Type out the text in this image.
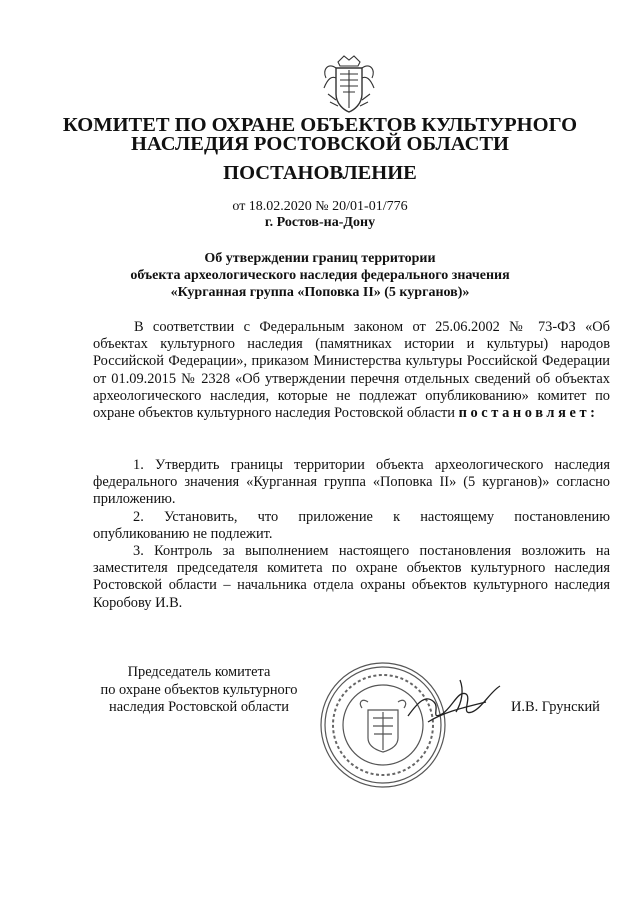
КОМИТЕТ ПО ОХРАНЕ ОБЪЕКТОВ КУЛЬТУРНОГО
НАСЛЕДИЯ РОСТОВСКОЙ ОБЛАСТИ
ПОСТАНОВЛЕНИЕ
от 18.02.2020 № 20/01-01/776
г. Ростов-на-Дону
Об утверждении границ территории
объекта археологического наследия федерального значения
«Курганная группа «Поповка II» (5 курганов)»
В соответствии с Федеральным законом от 25.06.2002 № 73-ФЗ «Об объектах культурного наследия (памятниках истории и культуры) народов Российской Федерации», приказом Министерства культуры Российской Федерации от 01.09.2015 № 2328 «Об утверждении перечня отдельных сведений об объектах археологического наследия, которые не подлежат опубликованию» комитет по охране объектов культурного наследия Ростовской области постановляет:
1. Утвердить границы территории объекта археологического наследия федерального значения «Курганная группа «Поповка II» (5 курганов)» согласно приложению.
2. Установить, что приложение к настоящему постановлению опубликованию не подлежит.
3. Контроль за выполнением настоящего постановления возложить на заместителя председателя комитета по охране объектов культурного наследия Ростовской области – начальника отдела охраны объектов культурного наследия Коробову И.В.
Председатель комитета
по охране объектов культурного
наследия Ростовской области	И.В. Грунский
